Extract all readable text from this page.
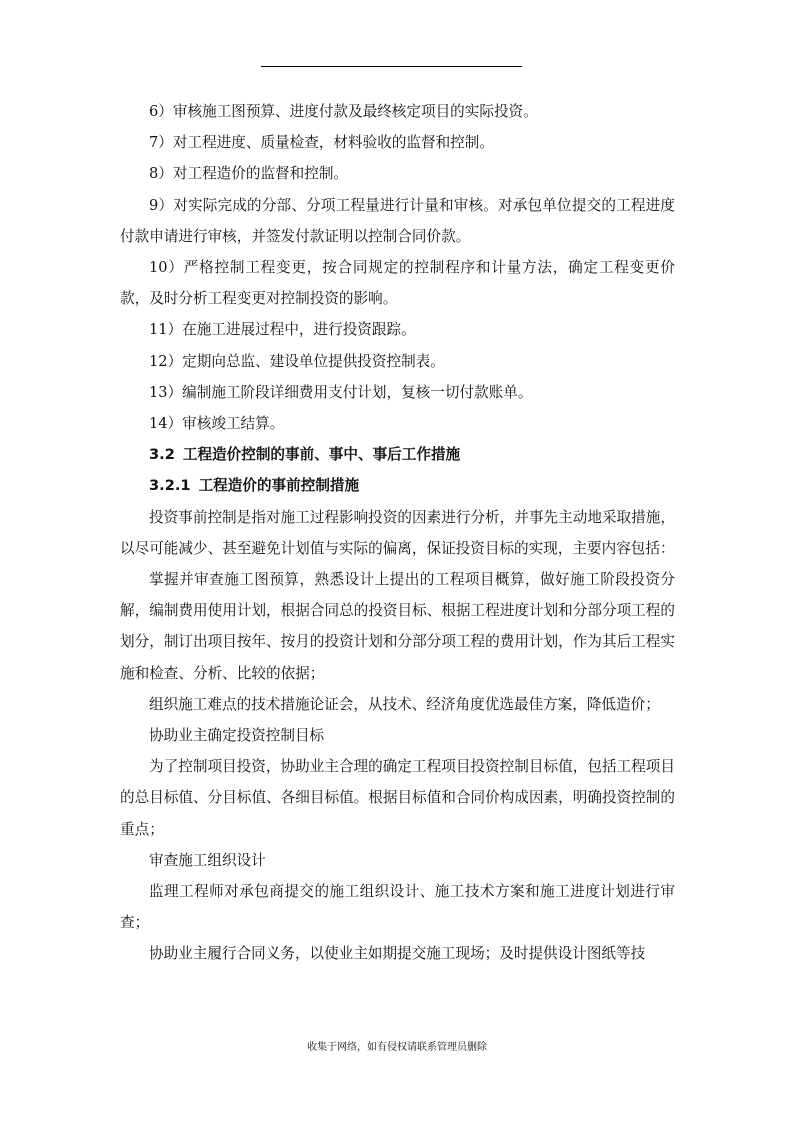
6）审核施工图预算、进度付款及最终核定项目的实际投资。

7）对工程进度、质量检查，材料验收的监督和控制。

8）对工程造价的监督和控制。

9）对实际完成的分部、分项工程量进行计量和审核。对承包单位提交的工程进度付款申请进行审核，并签发付款证明以控制合同价款。

10）严格控制工程变更，按合同规定的控制程序和计量方法，确定工程变更价款，及时分析工程变更对控制投资的影响。

11）在施工进展过程中，进行投资跟踪。

12）定期向总监、建设单位提供投资控制表。

13）编制施工阶段详细费用支付计划，复核一切付款账单。

14）审核竣工结算。

3.2 工程造价控制的事前、事中、事后工作措施
3.2.1 工程造价的事前控制措施

投资事前控制是指对施工过程影响投资的因素进行分析，并事先主动地采取措施，以尽可能减少、甚至避免计划值与实际的偏离，保证投资目标的实现，主要内容包括：

掌握并审查施工图预算，熟悉设计上提出的工程项目概算，做好施工阶段投资分解，编制费用使用计划，根据合同总的投资目标、根据工程进度计划和分部分项工程的划分，制订出项目按年、按月的投资计划和分部分项工程的费用计划，作为其后工程实施和检查、分析、比较的依据；

组织施工难点的技术措施论证会，从技术、经济角度优选最佳方案，降低造价；

协助业主确定投资控制目标

为了控制项目投资，协助业主合理的确定工程项目投资控制目标值，包括工程项目的总目标值、分目标值、各细目标值。根据目标值和合同价构成因素，明确投资控制的重点；

审查施工组织设计

监理工程师对承包商提交的施工组织设计、施工技术方案和施工进度计划进行审查；

协助业主履行合同义务，以使业主如期提交施工现场；及时提供设计图纸等技

收集于网络，如有侵权请联系管理员删除
